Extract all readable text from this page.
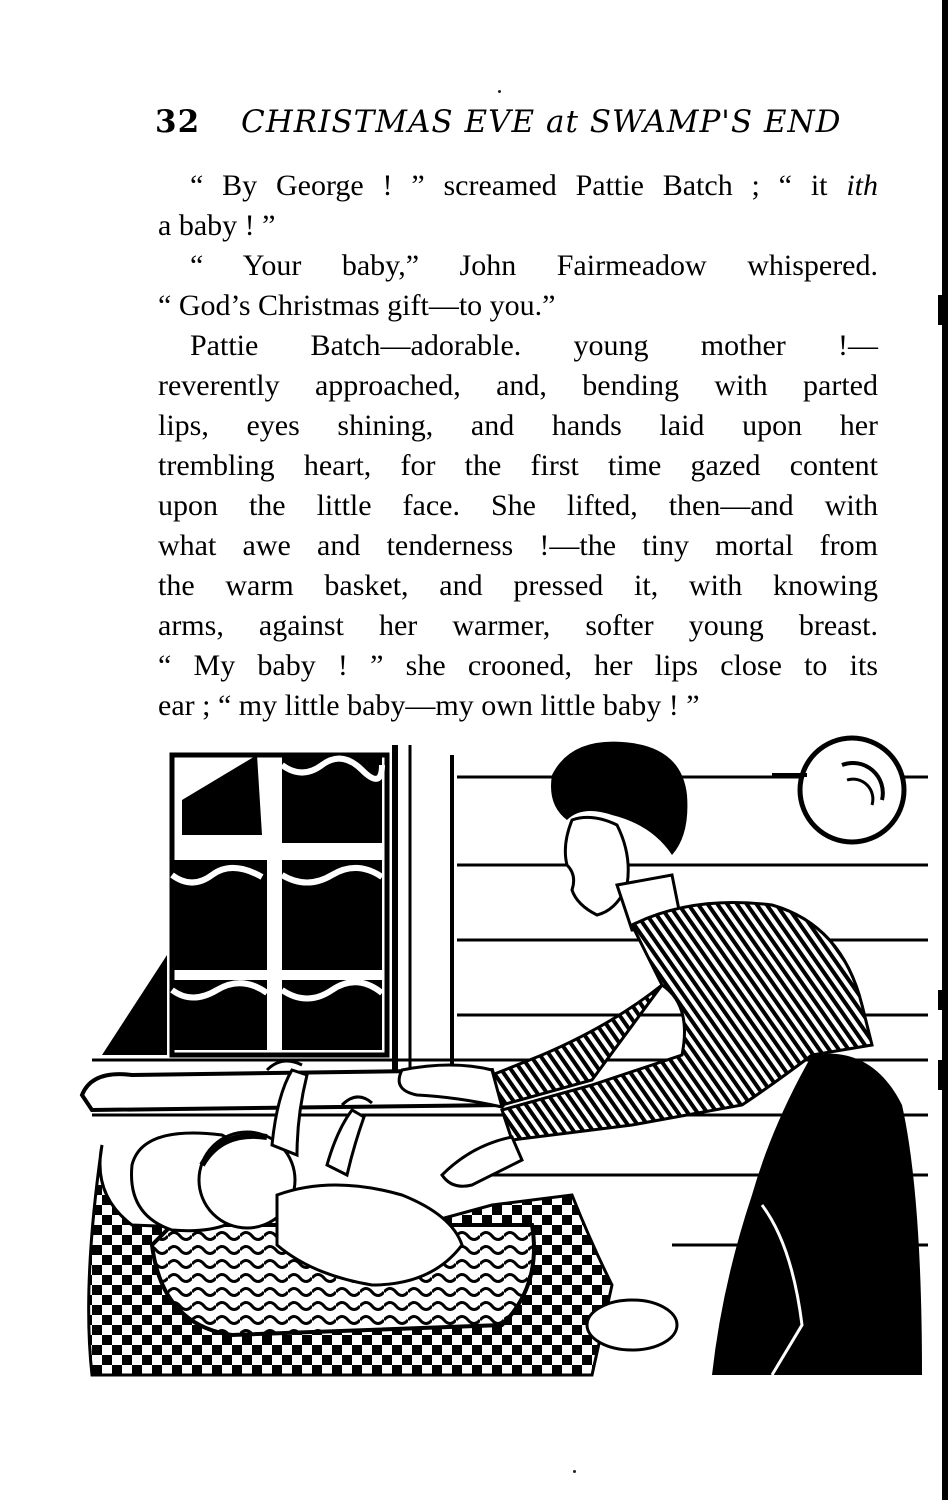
32 CHRISTMAS EVE at SWAMP'S END
“ By George ! ” screamed Pattie Batch ; “ it ith
a baby ! ”
“ Your baby,” John Fairmeadow whispered.
“ God’s Christmas gift—to you.”
Pattie Batch—adorable. young mother !—
reverently approached, and, bending with parted
lips, eyes shining, and hands laid upon her
trembling heart, for the first time gazed content
upon the little face. She lifted, then—and with
what awe and tenderness !—the tiny mortal from
the warm basket, and pressed it, with knowing
arms, against her warmer, softer young breast.
“ My baby ! ” she crooned, her lips close to its
ear ; “ my little baby—my own little baby ! ”
